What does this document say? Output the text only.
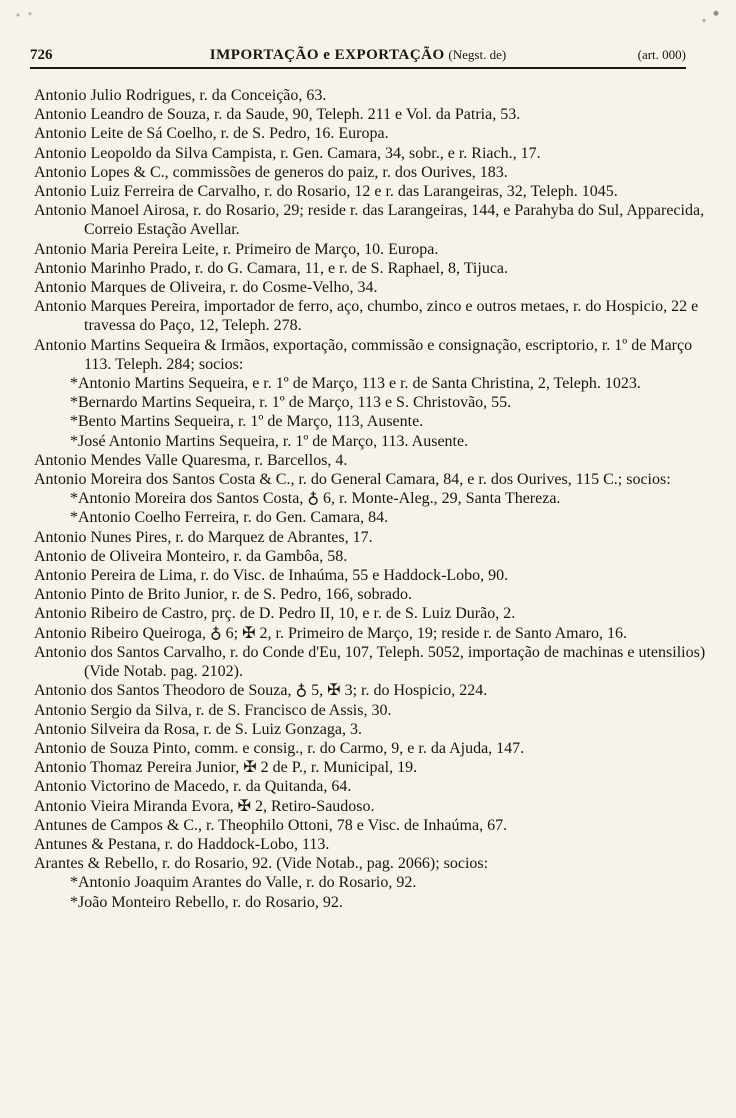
726	IMPORTAÇÃO e EXPORTAÇÃO (Negst. de)	(art. 000)
Antonio Julio Rodrigues, r. da Conceição, 63.
Antonio Leandro de Souza, r. da Saude, 90, Teleph. 211 e Vol. da Patria, 53.
Antonio Leite de Sá Coelho, r. de S. Pedro, 16. Europa.
Antonio Leopoldo da Silva Campista, r. Gen. Camara, 34, sobr., e r. Riach., 17.
Antonio Lopes & C., commissões de generos do paiz, r. dos Ourives, 183.
Antonio Luiz Ferreira de Carvalho, r. do Rosario, 12 e r. das Larangeiras, 32, Teleph. 1045.
Antonio Manoel Airosa, r. do Rosario, 29; reside r. das Larangeiras, 144, e Parahyba do Sul, Apparecida, Correio Estação Avellar.
Antonio Maria Pereira Leite, r. Primeiro de Março, 10. Europa.
Antonio Marinho Prado, r. do G. Camara, 11, e r. de S. Raphael, 8, Tijuca.
Antonio Marques de Oliveira, r. do Cosme-Velho, 34.
Antonio Marques Pereira, importador de ferro, aço, chumbo, zinco e outros metaes, r. do Hospicio, 22 e travessa do Paço, 12, Teleph. 278.
Antonio Martins Sequeira & Irmãos, exportação, commissão e consignação, escriptorio, r. 1º de Março 113. Teleph. 284; socios:
*Antonio Martins Sequeira, e r. 1º de Março, 113 e r. de Santa Christina, 2, Teleph. 1023.
*Bernardo Martins Sequeira, r. 1º de Março, 113 e S. Christovão, 55.
*Bento Martins Sequeira, r. 1º de Março, 113, Ausente.
*José Antonio Martins Sequeira, r. 1º de Março, 113. Ausente.
Antonio Mendes Valle Quaresma, r. Barcellos, 4.
Antonio Moreira dos Santos Costa & C., r. do General Camara, 84, e r. dos Ourives, 115 C.; socios:
*Antonio Moreira dos Santos Costa, ♁ 6, r. Monte-Aleg., 29, Santa Thereza.
*Antonio Coelho Ferreira, r. do Gen. Camara, 84.
Antonio Nunes Pires, r. do Marquez de Abrantes, 17.
Antonio de Oliveira Monteiro, r. da Gambôa, 58.
Antonio Pereira de Lima, r. do Visc. de Inhaúma, 55 e Haddock-Lobo, 90.
Antonio Pinto de Brito Junior, r. de S. Pedro, 166, sobrado.
Antonio Ribeiro de Castro, prç. de D. Pedro II, 10, e r. de S. Luiz Durão, 2.
Antonio Ribeiro Queiroga, ♁ 6; ✠ 2, r. Primeiro de Março, 19; reside r. de Santo Amaro, 16.
Antonio dos Santos Carvalho, r. do Conde d'Eu, 107, Teleph. 5052, importação de machinas e utensilios) (Vide Notab. pag. 2102).
Antonio dos Santos Theodoro de Souza, ♁ 5, ✠ 3; r. do Hospicio, 224.
Antonio Sergio da Silva, r. de S. Francisco de Assis, 30.
Antonio Silveira da Rosa, r. de S. Luiz Gonzaga, 3.
Antonio de Souza Pinto, comm. e consig., r. do Carmo, 9, e r. da Ajuda, 147.
Antonio Thomaz Pereira Junior, ✠ 2 de P., r. Municipal, 19.
Antonio Victorino de Macedo, r. da Quitanda, 64.
Antonio Vieira Miranda Evora, ✠ 2, Retiro-Saudoso.
Antunes de Campos & C., r. Theophilo Ottoni, 78 e Visc. de Inhaúma, 67.
Antunes & Pestana, r. do Haddock-Lobo, 113.
Arantes & Rebello, r. do Rosario, 92. (Vide Notab., pag. 2066); socios:
*Antonio Joaquim Arantes do Valle, r. do Rosario, 92.
*João Monteiro Rebello, r. do Rosario, 92.
